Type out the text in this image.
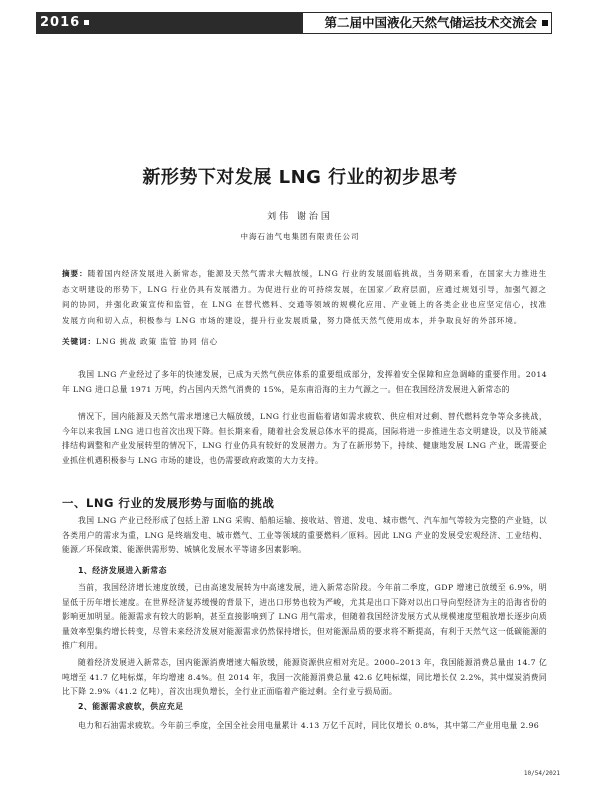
2016	第二届中国液化天然气储运技术交流会
新形势下对发展 LNG 行业的初步思考
刘伟 谢治国
中海石油气电集团有限责任公司
摘要：随着国内经济发展进入新常态，能源及天然气需求大幅放缓，LNG 行业的发展面临挑战，当务期来看，在国家大力推进生态文明建设的形势下，LNG 行业仍具有发展潜力。为促进行业的可持续发展，在国家／政府层面，应通过规划引导，加强气源之间的协同，并强化政策宣传和监管，在 LNG 在替代燃料、交通等领域的规模化应用、产业链上的各类企业也应坚定信心，找准发展方向和切入点，积极参与 LNG 市场的建设，提升行业发展质量，努力降低天然气使用成本，并争取良好的外部环境。
关键词：LNG 挑战 政策 监管 协同 信心
我国 LNG 产业经过了多年的快速发展，已成为天然气供应体系的重要组成部分，发挥着安全保障和应急调峰的重要作用。2014 年 LNG 进口总量 1971 万吨，约占国内天然气消费的 15%，是东南沿海的主力气源之一。但在我国经济发展进入新常态的
情况下，国内能源及天然气需求增速已大幅放缓，LNG 行业也面临着诸如需求疲软、供应相对过剩、替代燃料竞争等众多挑战，今年以来我国 LNG 进口也首次出现下降。但长期来看，随着社会发展总体水平的提高，国际将进一步推进生态文明建设，以及节能减排结构调整和产业发展转型的情况下，LNG 行业仍具有较好的发展潜力。为了在新形势下，持续、健康地发展 LNG 产业，既需要企业抓住机遇积极参与 LNG 市场的建设，也仍需要政府政策的大力支持。
一、LNG 行业的发展形势与面临的挑战
我国 LNG 产业已经形成了包括上游 LNG 采购、船舶运输、接收站、管道、发电、城市燃气、汽车加气等较为完整的产业链，以各类用户的需求为重，LNG 是终端发电、城市燃气、工业等领域的重要燃料／原料。因此 LNG 产业的发展受宏观经济、工业结构、能源／环保政策、能源供需形势、城镇化发展水平等诸多因素影响。
1、经济发展进入新常态
当前，我国经济增长速度放缓，已由高速发展转为中高速发展，进入新常态阶段。今年前二季度，GDP 增速已放缓至 6.9%，明显低于历年增长速度。在世界经济复苏缓慢的背景下，进出口形势也较为严峻，尤其是出口下降对以出口导向型经济为主的沿海省份的影响更加明显。能源需求有较大的影响，甚至直接影响到了 LNG 用气需求，但随着我国经济发展方式从规模速度型粗放增长逐步向质量效率型集约增长转变，尽管未来经济发展对能源需求仍然保持增长，但对能源品质的要求将不断提高，有利于天然气这一低碳能源的推广利用。
2、能源需求疲软，供应充足
随着经济发展进入新常态，国内能源消费增速大幅放缓，能源资源供应相对充足。2000–2013 年，我国能源消费总量由 14.7 亿吨增至 41.7 亿吨标煤，年均增速 8.4%。但 2014 年，我国一次能源消费总量 42.6 亿吨标煤，同比增长仅 2.2%，其中煤炭消费同比下降 2.9%（41.2 亿吨），首次出现负增长，全行业正面临着产能过剩。全行业亏损局面。
电力和石油需求疲软。今年前三季度，全国全社会用电量累计 4.13 万亿千瓦时，同比仅增长 0.8%，其中第二产业用电量 2.96
10/54/2021
